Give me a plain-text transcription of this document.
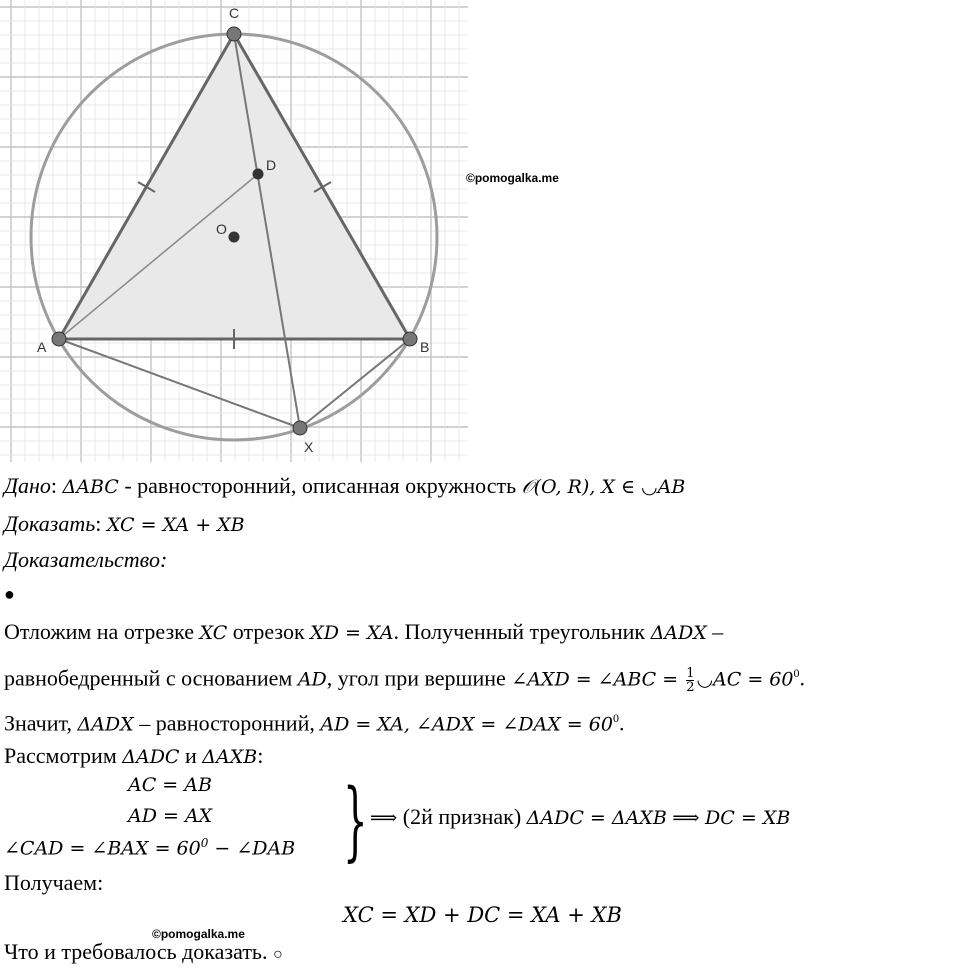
A	B
C
D
O
X
©pomogalka.me
Дано: ΔABC - равносторонний, описанная окружность 𝒪(O, R), X ∈ ◡AB
Доказать: XC = XA + XB
Доказательство:
●
Отложим на отрезке XC отрезок XD = XA. Полученный треугольник ΔADX –
равнобедренный с основанием AD, угол при вершине ∠AXD = ∠ABC = $\frac{1}{2}$ ◡AC = $60^0$.
Значит, ΔADX – равносторонний, AD = XA, ∠ADX = ∠DAX = $60^0$.
Рассмотрим ΔADC и ΔAXB:
AC = AB
AD = AX
∠CAD = ∠BAX = $60^0$ − ∠DAB } ⟹ (2й признак) ΔADC = ΔAXB ⟹ DC = XB
Получаем:
©pomogalka.me
XC = XD + DC = XA + XB
Что и требовалось доказать. ○
